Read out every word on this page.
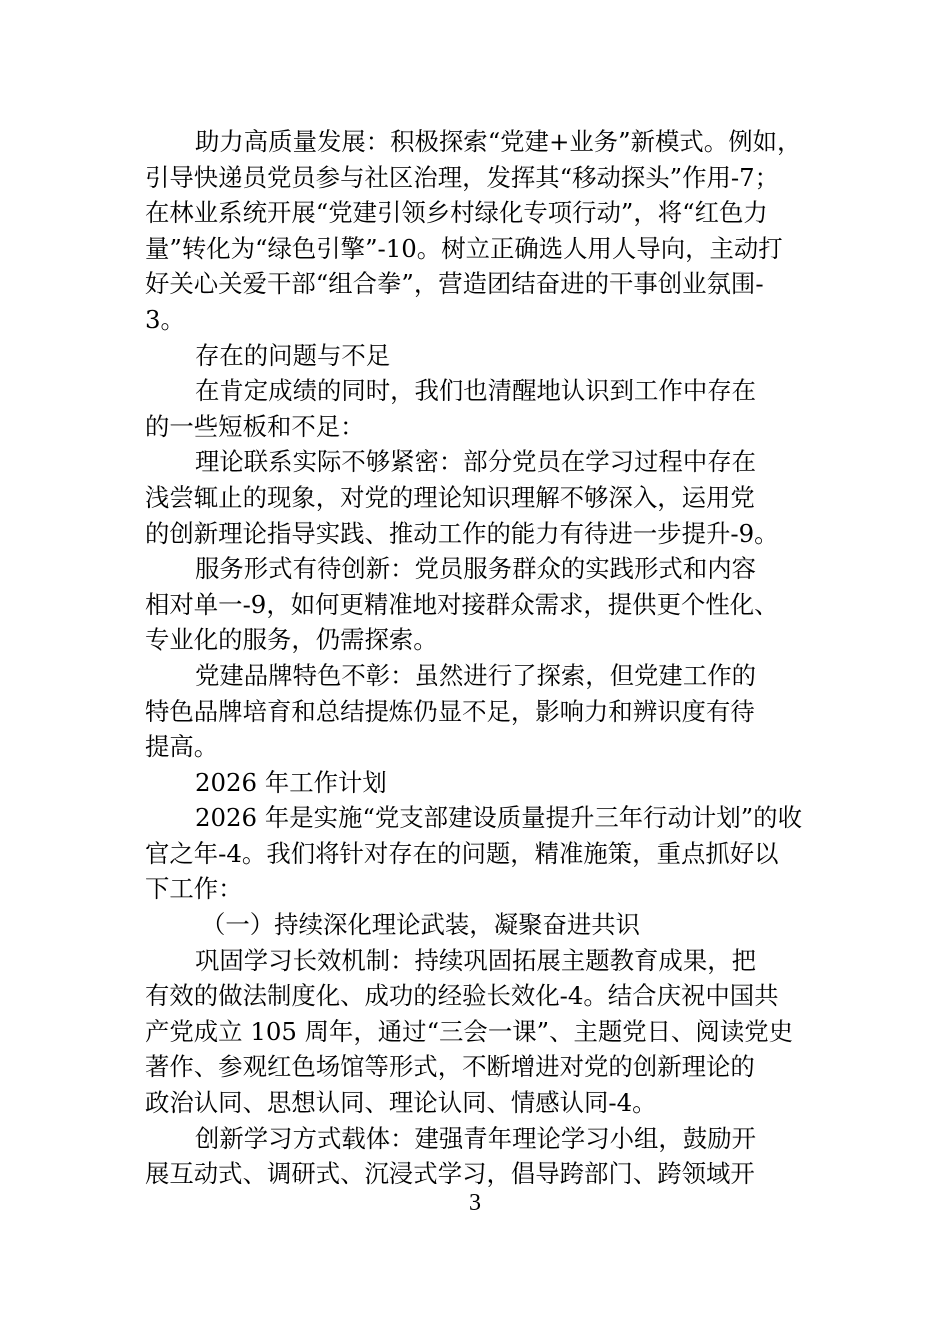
助力高质量发展：积极探索“党建+业务”新模式。例如，
引导快递员党员参与社区治理，发挥其“移动探头”作用-7；
在林业系统开展“党建引领乡村绿化专项行动”，将“红色力
量”转化为“绿色引擎”-10。树立正确选人用人导向，主动打
好关心关爱干部“组合拳”，营造团结奋进的干事创业氛围-
3。
存在的问题与不足
在肯定成绩的同时，我们也清醒地认识到工作中存在
的一些短板和不足：
理论联系实际不够紧密：部分党员在学习过程中存在
浅尝辄止的现象，对党的理论知识理解不够深入，运用党
的创新理论指导实践、推动工作的能力有待进一步提升-9。
服务形式有待创新：党员服务群众的实践形式和内容
相对单一-9，如何更精准地对接群众需求，提供更个性化、
专业化的服务，仍需探索。
党建品牌特色不彰：虽然进行了探索，但党建工作的
特色品牌培育和总结提炼仍显不足，影响力和辨识度有待
提高。
2026 年工作计划
2026 年是实施“党支部建设质量提升三年行动计划”的收
官之年-4。我们将针对存在的问题，精准施策，重点抓好以
下工作：
（一）持续深化理论武装，凝聚奋进共识
巩固学习长效机制：持续巩固拓展主题教育成果，把
有效的做法制度化、成功的经验长效化-4。结合庆祝中国共
产党成立 105 周年，通过“三会一课”、主题党日、阅读党史
著作、参观红色场馆等形式，不断增进对党的创新理论的
政治认同、思想认同、理论认同、情感认同-4。
创新学习方式载体：建强青年理论学习小组，鼓励开
展互动式、调研式、沉浸式学习，倡导跨部门、跨领域开
3
